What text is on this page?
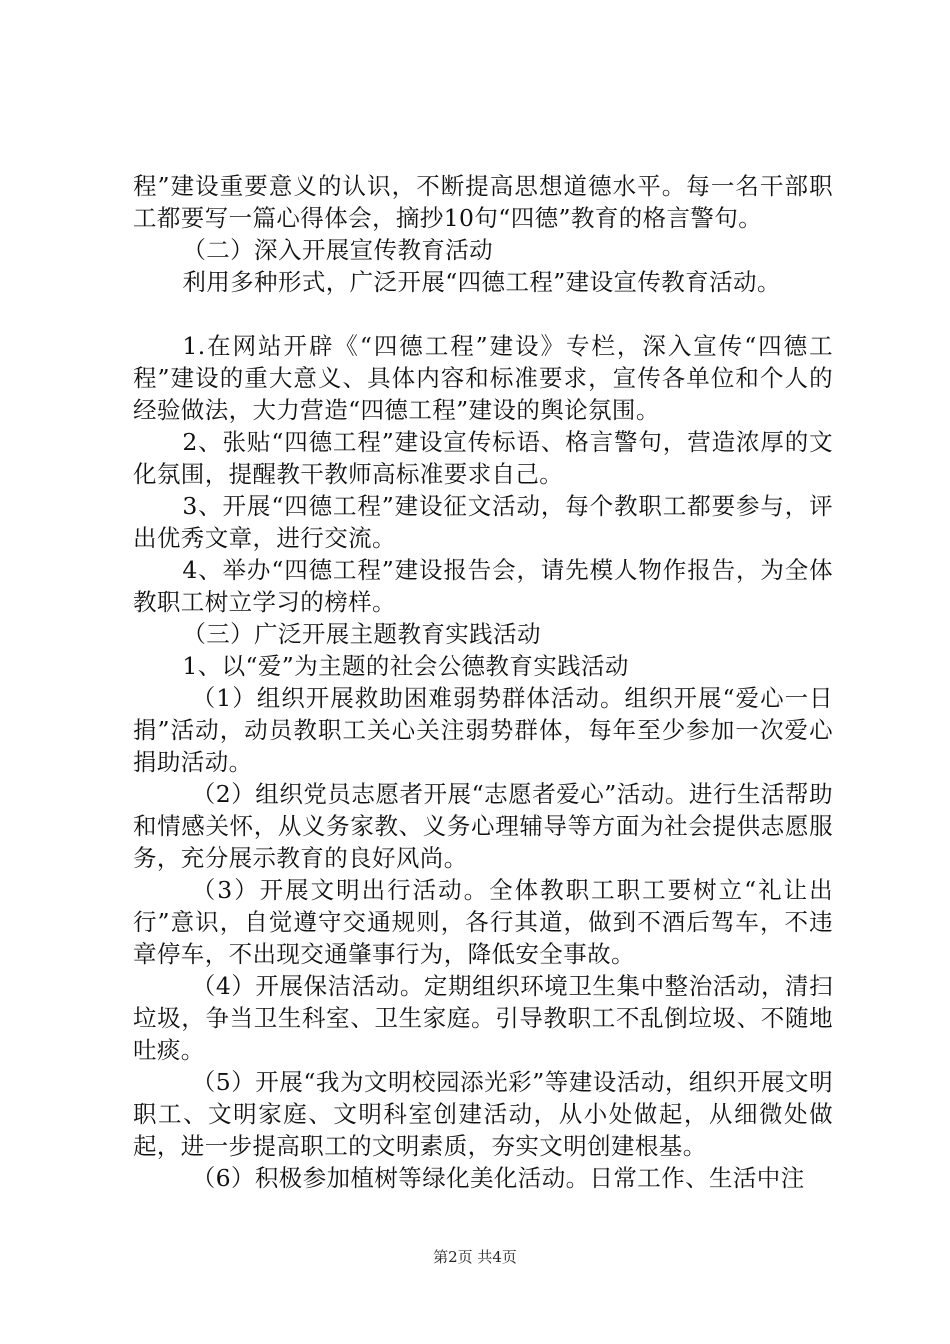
程”建设重要意义的认识，不断提高思想道德水平。每一名干部职工都要写一篇心得体会，摘抄10句“四德”教育的格言警句。

（二）深入开展宣传教育活动

利用多种形式，广泛开展“四德工程”建设宣传教育活动。

1.在网站开辟《“四德工程”建设》专栏，深入宣传“四德工程”建设的重大意义、具体内容和标准要求，宣传各单位和个人的经验做法，大力营造“四德工程”建设的舆论氛围。

2、张贴“四德工程”建设宣传标语、格言警句，营造浓厚的文化氛围，提醒教干教师高标准要求自己。

3、开展“四德工程”建设征文活动，每个教职工都要参与，评出优秀文章，进行交流。

4、举办“四德工程”建设报告会，请先模人物作报告，为全体教职工树立学习的榜样。

（三）广泛开展主题教育实践活动

1、以“爱”为主题的社会公德教育实践活动

（1）组织开展救助困难弱势群体活动。组织开展“爱心一日捐”活动，动员教职工关心关注弱势群体，每年至少参加一次爱心捐助活动。

（2）组织党员志愿者开展“志愿者爱心”活动。进行生活帮助和情感关怀，从义务家教、义务心理辅导等方面为社会提供志愿服务，充分展示教育的良好风尚。

（3）开展文明出行活动。全体教职工职工要树立“礼让出行”意识，自觉遵守交通规则，各行其道，做到不酒后驾车，不违章停车，不出现交通肇事行为，降低安全事故。

（4）开展保洁活动。定期组织环境卫生集中整治活动，清扫垃圾，争当卫生科室、卫生家庭。引导教职工不乱倒垃圾、不随地吐痰。

（5）开展“我为文明校园添光彩”等建设活动，组织开展文明职工、文明家庭、文明科室创建活动，从小处做起，从细微处做起，进一步提高职工的文明素质，夯实文明创建根基。

（6）积极参加植树等绿化美化活动。日常工作、生活中注

第2页 共4页
